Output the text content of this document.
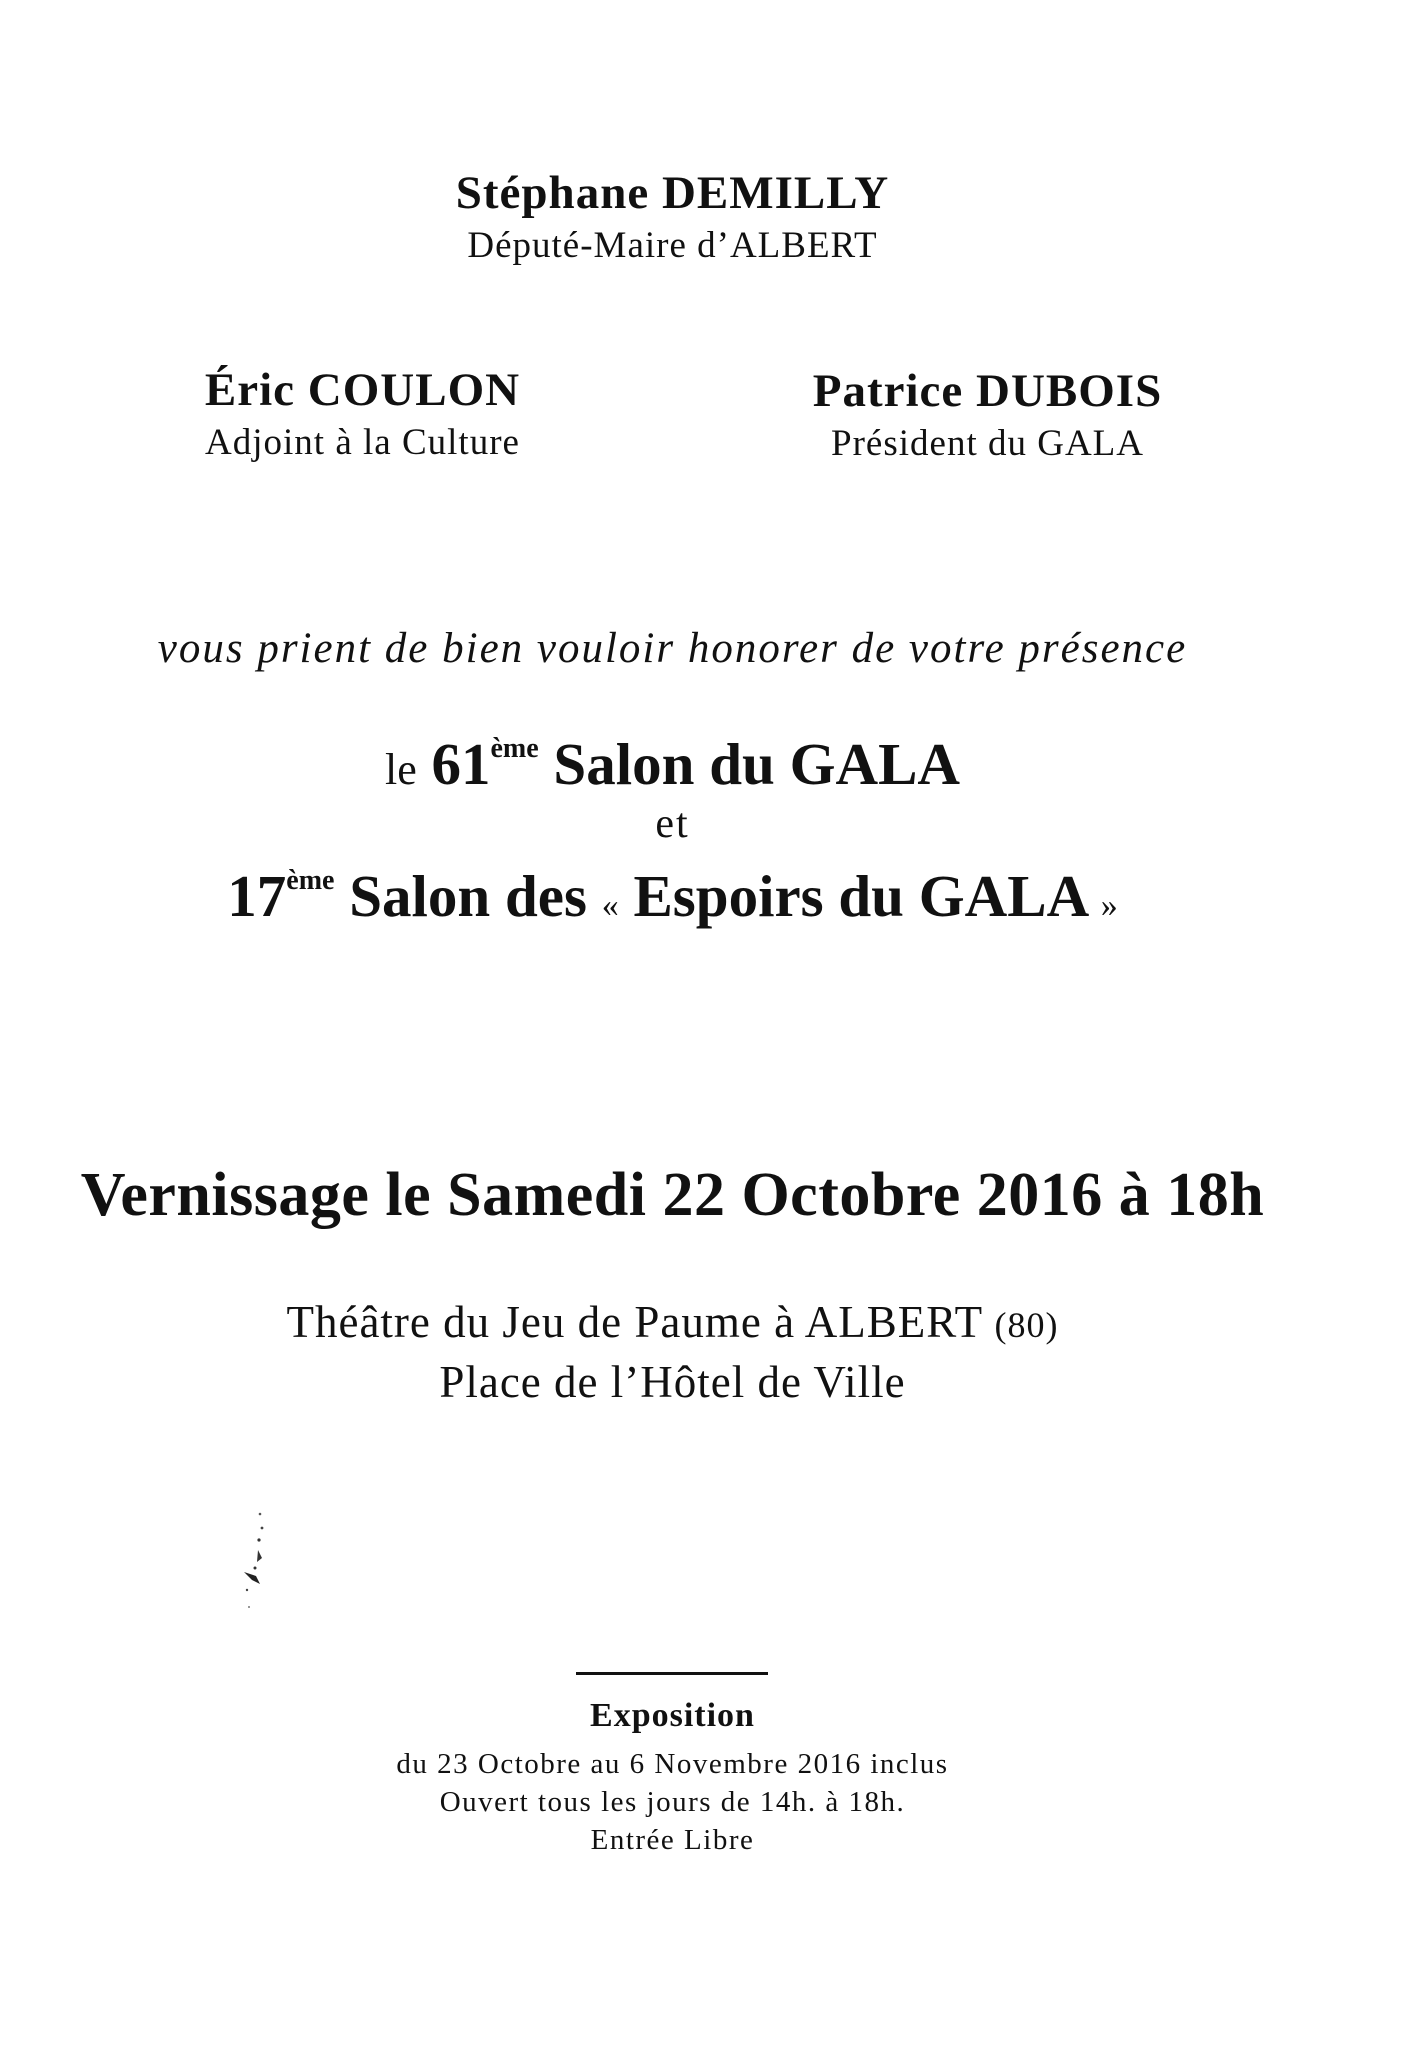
Stéphane DEMILLY
Député-Maire d’ALBERT
Éric COULON
Adjoint à la Culture
Patrice DUBOIS
Président du GALA
vous prient de bien vouloir honorer de votre présence
le 61ème Salon du GALA
et
17ème Salon des « Espoirs du GALA »
Vernissage le Samedi 22 Octobre 2016 à 18h
Théâtre du Jeu de Paume à ALBERT (80)
Place de l’Hôtel de Ville
Exposition
du 23 Octobre au 6 Novembre 2016 inclus
Ouvert tous les jours de 14h. à 18h.
Entrée Libre
